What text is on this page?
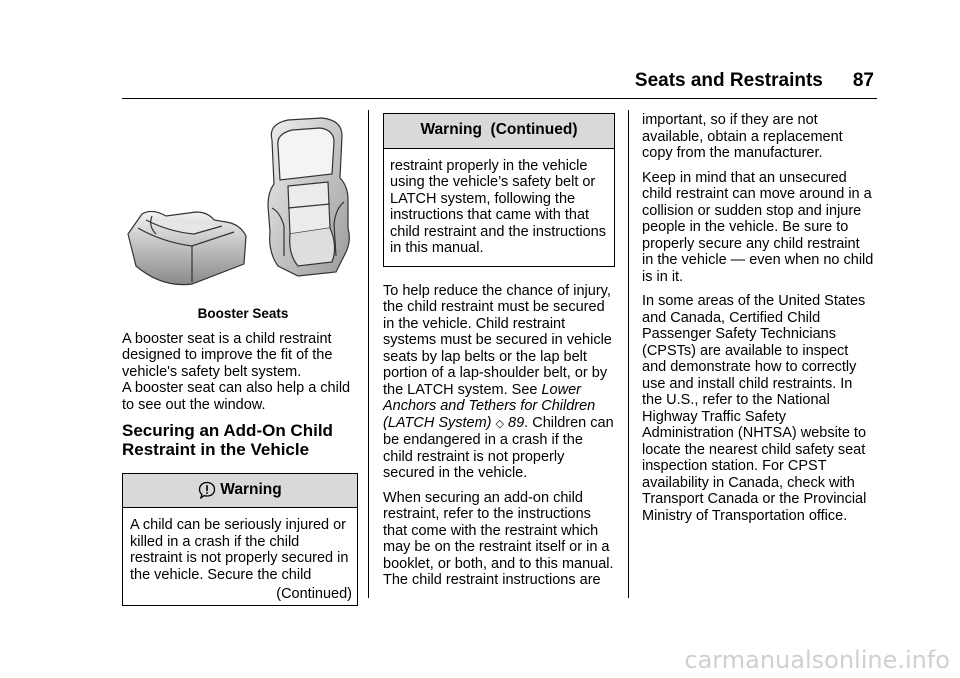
Seats and Restraints 87

Booster Seats

A booster seat is a child restraint designed to improve the fit of the vehicle's safety belt system.

A booster seat can also help a child to see out the window.

Securing an Add-On Child Restraint in the Vehicle
Warning
A child can be seriously injured or killed in a crash if the child restraint is not properly secured in the vehicle. Secure the child
(Continued)
Warning  (Continued)
restraint properly in the vehicle using the vehicle’s safety belt or LATCH system, following the instructions that came with that child restraint and the instructions in this manual.

To help reduce the chance of injury, the child restraint must be secured in the vehicle. Child restraint systems must be secured in vehicle seats by lap belts or the lap belt portion of a lap-shoulder belt, or by the LATCH system. See Lower Anchors and Tethers for Children (LATCH System) ◇ 89. Children can be endangered in a crash if the child restraint is not properly secured in the vehicle.

When securing an add-on child restraint, refer to the instructions that come with the restraint which may be on the restraint itself or in a booklet, or both, and to this manual. The child restraint instructions are

important, so if they are not available, obtain a replacement copy from the manufacturer.

Keep in mind that an unsecured child restraint can move around in a collision or sudden stop and injure people in the vehicle. Be sure to properly secure any child restraint in the vehicle — even when no child is in it.

In some areas of the United States and Canada, Certified Child Passenger Safety Technicians (CPSTs) are available to inspect and demonstrate how to correctly use and install child restraints. In the U.S., refer to the National Highway Traffic Safety Administration (NHTSA) website to locate the nearest child safety seat inspection station. For CPST availability in Canada, check with Transport Canada or the Provincial Ministry of Transportation office.

carmanualsonline.info
